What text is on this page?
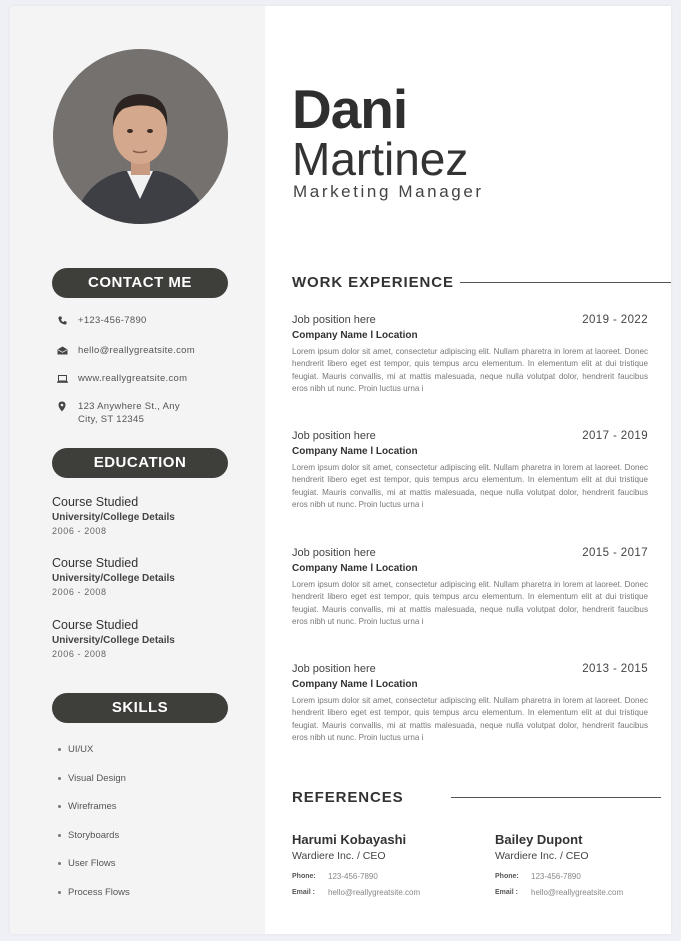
CONTACT ME
+123-456-7890
hello@reallygreatsite.com
www.reallygreatsite.com
123 Anywhere St., Any
City, ST 12345
EDUCATION
Course Studied
University/College Details
2006 - 2008
Course Studied
University/College Details
2006 - 2008
Course Studied
University/College Details
2006 - 2008
SKILLS
UI/UX
Visual Design
Wireframes
Storyboards
User Flows
Process Flows
Dani
Martinez
Marketing Manager
WORK EXPERIENCE
Job position here	2019 - 2022
Company Name l Location
Lorem ipsum dolor sit amet, consectetur adipiscing elit. Nullam pharetra in lorem at laoreet. Donec hendrerit libero eget est tempor, quis tempus arcu elementum. In elementum elit at dui tristique feugiat. Mauris convallis, mi at mattis malesuada, neque nulla volutpat dolor, hendrerit faucibus eros nibh ut nunc. Proin luctus urna i
Job position here	2017 - 2019
Company Name l Location
Lorem ipsum dolor sit amet, consectetur adipiscing elit. Nullam pharetra in lorem at laoreet. Donec hendrerit libero eget est tempor, quis tempus arcu elementum. In elementum elit at dui tristique feugiat. Mauris convallis, mi at mattis malesuada, neque nulla volutpat dolor, hendrerit faucibus eros nibh ut nunc. Proin luctus urna i
Job position here	2015 - 2017
Company Name l Location
Lorem ipsum dolor sit amet, consectetur adipiscing elit. Nullam pharetra in lorem at laoreet. Donec hendrerit libero eget est tempor, quis tempus arcu elementum. In elementum elit at dui tristique feugiat. Mauris convallis, mi at mattis malesuada, neque nulla volutpat dolor, hendrerit faucibus eros nibh ut nunc. Proin luctus urna i
Job position here	2013 - 2015
Company Name l Location
Lorem ipsum dolor sit amet, consectetur adipiscing elit. Nullam pharetra in lorem at laoreet. Donec hendrerit libero eget est tempor, quis tempus arcu elementum. In elementum elit at dui tristique feugiat. Mauris convallis, mi at mattis malesuada, neque nulla volutpat dolor, hendrerit faucibus eros nibh ut nunc. Proin luctus urna i
REFERENCES
Harumi Kobayashi
Wardiere Inc. / CEO
Phone:	123-456-7890
Email :	hello@reallygreatsite.com
Bailey Dupont
Wardiere Inc. / CEO
Phone:	123-456-7890
Email :	hello@reallygreatsite.com
